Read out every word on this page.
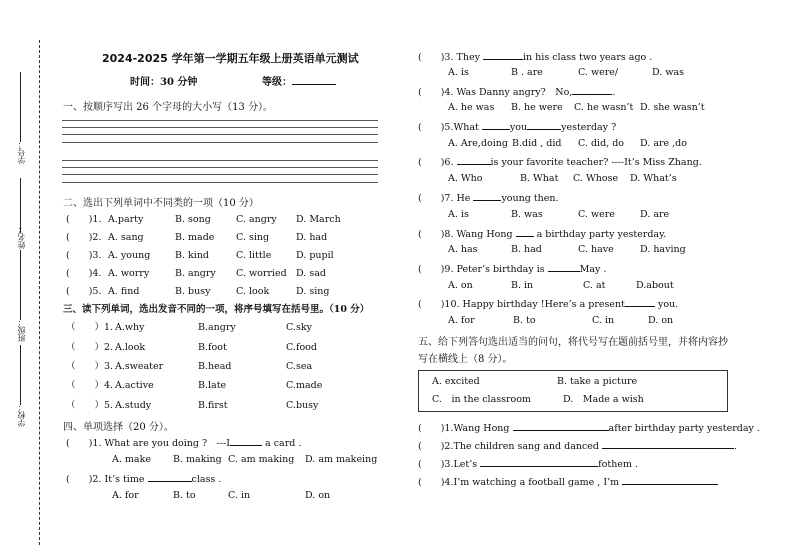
学号：
姓名：
班级：
学校：
2024-2025 学年第一学期五年级上册英语单元测试
时间：30 分钟	等级：
一、按顺序写出 26 个字母的大小写（13 分）。
二、选出下列单词中不同类的一项（10 分）
(　　)1. A.party	B. song	C. angry D. March
(　　)2. A. sang	B. made C. sing	D. had
(　　)3. A. young	B. kind	C. little	D. pupil
(　　)4. A. worry	B. angry C. worried D. sad
(　　)5. A. find	B. busy	C. look	D. sing
三、读下列单词，选出发音不同的一项，将序号填写在括号里。（10 分）
（　　）1. A.why	B.angry	C.sky
（　　）2. A.look	B.foot	C.food
（　　）3. A.sweater	B.head	C.sea
（　　）4. A.active	B.late	C.made
（　　）5. A.study	B.first	C.busy
四、单项选择（20 分）。
(　　)1. What are you doing ?　---I	a card .
A. make B. making C. am making D. am makeing
(　　)2. It’s time	class .
A. for	B. to	C. in	D. on
(　　)3. They	in his class two years ago .
A. is	B . are	C. were/	D. was
(　　)4. Was Danny angry?　No,	.
A. he was B. he were C. he wasn’t D. she wasn’t
(　　)5.What	you	yesterday ?
A. Are,doing B.did , did C. did, do D. are ,do
(　　)6.	is your favorite teacher? ----It’s Miss Zhang.
A. Who	B. What C. Whose D. What’s
(　　)7. He	young then.
A. is	B. was	C. were	D. are
(　　)8. Wang Hong	a birthday party yesterday.
A. has	B. had	C. have	D. having
(　　)9. Peter’s birthday is	May .
A. on	B. in	C. at	D.about
(　　)10. Happy birthday !Here’s a present	you.
A. for	B. to	C. in	D. on
五、给下列答句选出适当的问句，将代号写在题前括号里，并将内容抄
写在横线上（8 分）。
A. excited	B. take a picture
C.　in the classroom	D.　Made a wish
(　　)1.Wang Hong	after birthday party yesterday .
(　　)2.The children sang and danced	.
(　　)3.Let’s	fothem .
(　　)4.I’m watching a football game , I’m
